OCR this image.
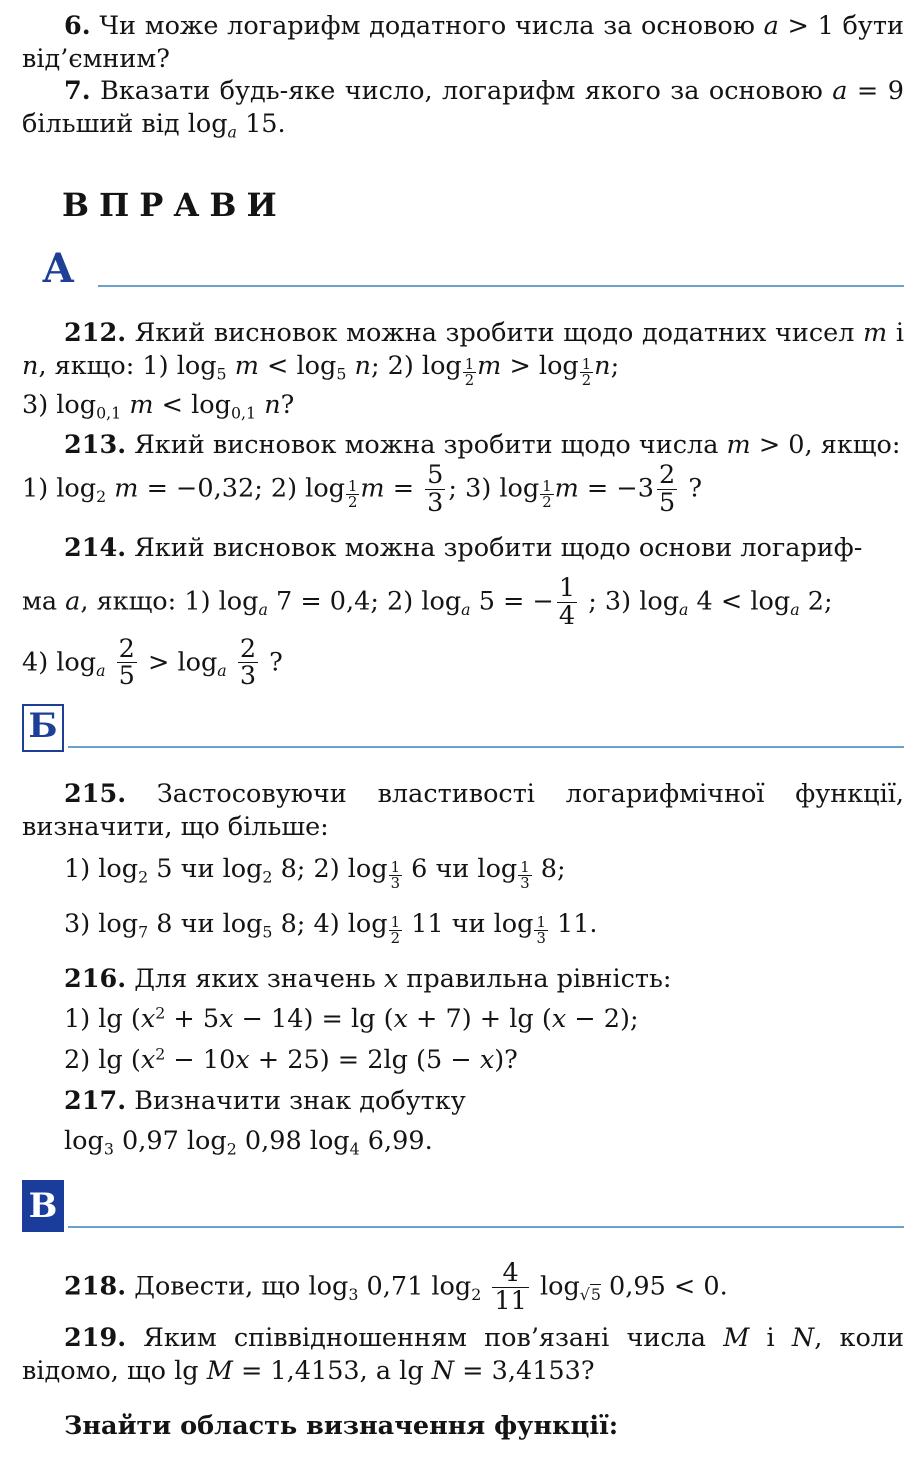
6. Чи може логарифм додатного числа за основою a > 1 бути від’ємним?

7. Вказати будь-яке число, логарифм якого за основою a = 9 більший від $\log_a 15$.

ВПРАВИ
А

212. Який висновок можна зробити щодо додатних чисел m і n, якщо: 1) $\log_5 m < \log_5 n$; 2) $\log \frac{1}{2}$ $m > \log \frac{1}{2} n$;
3) $\log_{0,1} m < \log_{0,1} n$?

213. Який висновок можна зробити щодо числа m > 0, якщо:

1) $\log_2 m = -0,32$; 2) $\log \frac{1}{2}$ $m = \frac{5}{3}$ ; 3) $\log \frac{1}{2}$ $m = -3 \frac{2}{5}$ ?

214. Який висновок можна зробити щодо основи логариф-

ма a, якщо: 1) $\log_a 7 = 0,4$; 2) $\log_a 5$ = − $\frac{1}{4}$ ; 3) $\log_a 4 < \log_a 2$;

4) $\log_a \frac{2}{5} > \log_a \frac{2}{3}$ ?

Б

215. Застосовуючи властивості логарифмічної функції, визначити, що більше:

1) $\log_2 5$ чи $\log_2 8$; 2) $\log \frac{1}{3} 6$ чи $\log \frac{1}{3} 8$;

3) $\log_7 8$ чи $\log_5 8$; 4) $\log \frac{1}{2} 11$ чи $\log \frac{1}{3} 11$.

216. Для яких значень x правильна рівність:

1) $\lg (x^2 + 5x - 14) = \lg (x + 7) + \lg (x - 2)$;

2) $\lg (x^2 - 10x + 25) = 2\lg$ (5 − x)?

217. Визначити знак добутку

$\log_3 0,97$ $\log_2 0,98$ $\log_4 6,99$.

В

218. Довести, що $\log_3 0,71$ $\log_2 \frac{4}{11} \log_{√5} 0,95 < 0$.

219. Яким співвідношенням пов’язані числа M і N, коли відомо, що lg M = 1,4153, а lg N = 3,4153?

Знайти область визначення функції:
